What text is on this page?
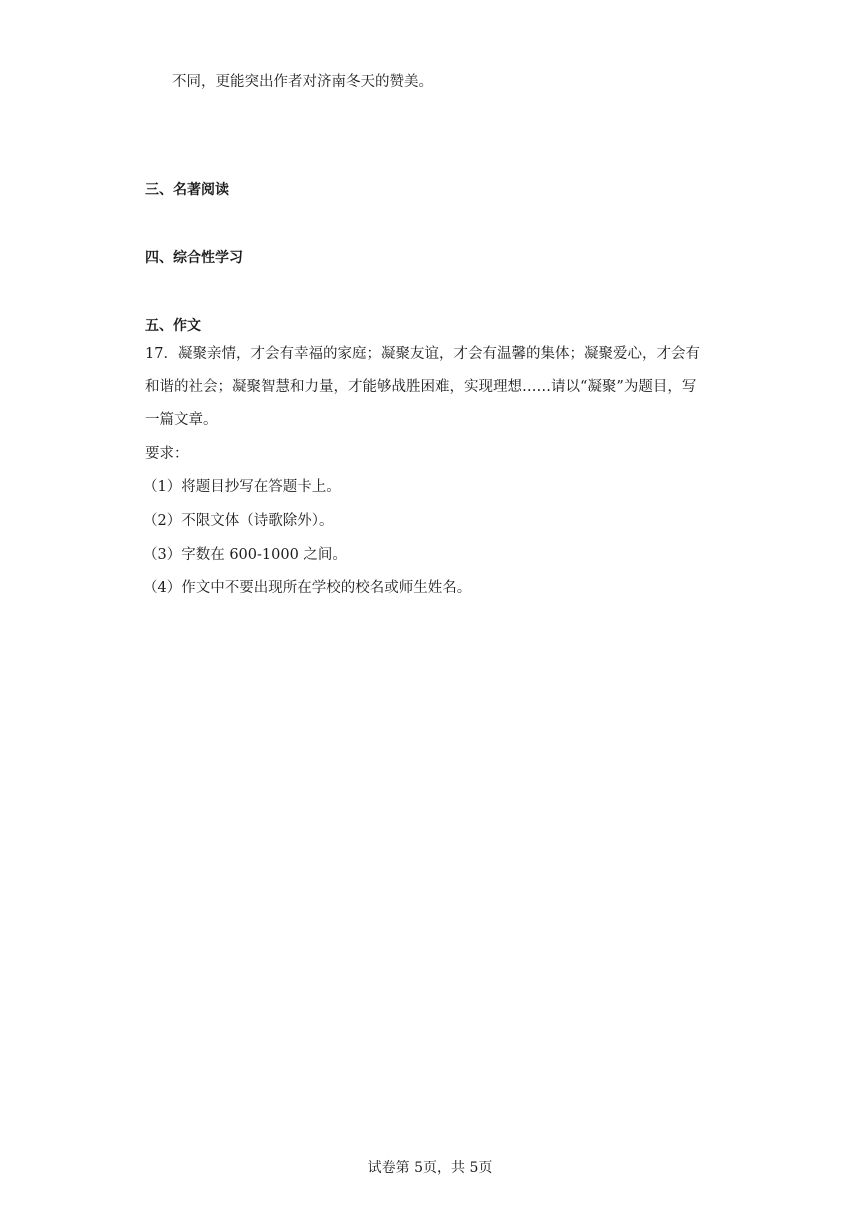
不同，更能突出作者对济南冬天的赞美。
三、名著阅读
四、综合性学习
五、作文
17．凝聚亲情，才会有幸福的家庭；凝聚友谊，才会有温馨的集体；凝聚爱心，才会有
和谐的社会；凝聚智慧和力量，才能够战胜困难，实现理想……请以“凝聚”为题目，写
一篇文章。
要求：
（1）将题目抄写在答题卡上。
（2）不限文体（诗歌除外）。
（3）字数在 600-1000 之间。
（4）作文中不要出现所在学校的校名或师生姓名。
试卷第 5页，共 5页
